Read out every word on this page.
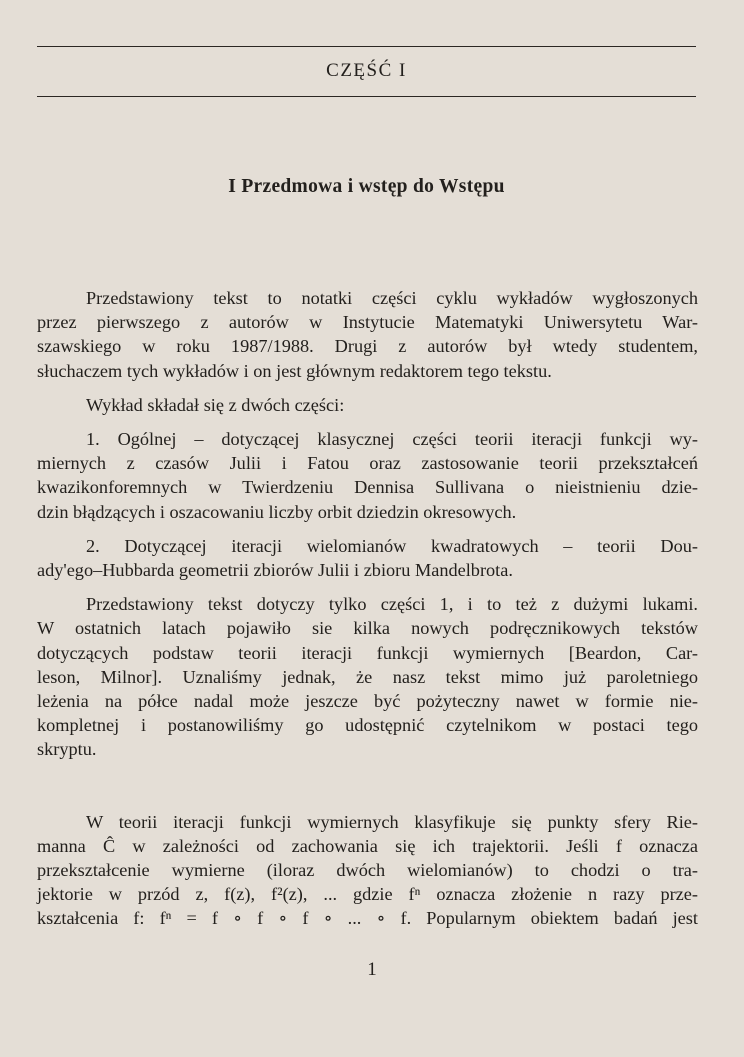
CZĘŚĆ I
I Przedmowa i wstęp do Wstępu
Przedstawiony tekst to notatki części cyklu wykładów wygłoszonych
przez pierwszego z autorów w Instytucie Matematyki Uniwersytetu War-
szawskiego w roku 1987/1988. Drugi z autorów był wtedy studentem,
słuchaczem tych wykładów i on jest głównym redaktorem tego tekstu.
Wykład składał się z dwóch części:
1. Ogólnej – dotyczącej klasycznej części teorii iteracji funkcji wy-
miernych z czasów Julii i Fatou oraz zastosowanie teorii przekształceń
kwazikonforemnych w Twierdzeniu Dennisa Sullivana o nieistnieniu dzie-
dzin błądzących i oszacowaniu liczby orbit dziedzin okresowych.
2. Dotyczącej iteracji wielomianów kwadratowych – teorii Dou-
ady'ego–Hubbarda geometrii zbiorów Julii i zbioru Mandelbrota.
Przedstawiony tekst dotyczy tylko części 1, i to też z dużymi lukami.
W ostatnich latach pojawiło sie kilka nowych podręcznikowych tekstów
dotyczących podstaw teorii iteracji funkcji wymiernych [Beardon, Car-
leson, Milnor]. Uznaliśmy jednak, że nasz tekst mimo już paroletniego
leżenia na półce nadal może jeszcze być pożyteczny nawet w formie nie-
kompletnej i postanowiliśmy go udostępnić czytelnikom w postaci tego
skryptu.
W teorii iteracji funkcji wymiernych klasyfikuje się punkty sfery Rie-
manna Ĉ w zależności od zachowania się ich trajektorii. Jeśli f oznacza
przekształcenie wymierne (iloraz dwóch wielomianów) to chodzi o tra-
jektorie w przód z, f(z), f²(z), ... gdzie fⁿ oznacza złożenie n razy prze-
kształcenia f: fⁿ = f ∘ f ∘ f ∘ ... ∘ f. Popularnym obiektem badań jest
1
